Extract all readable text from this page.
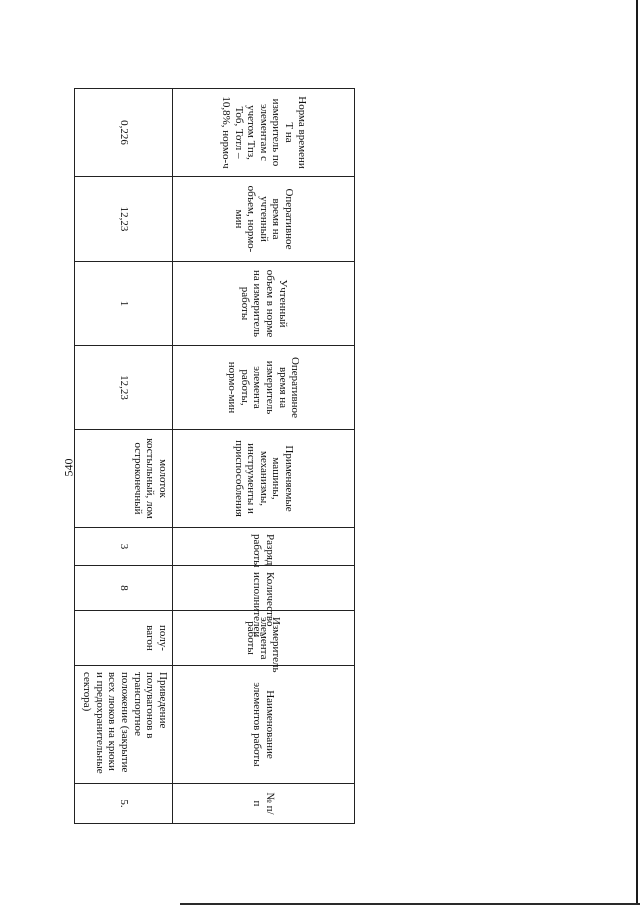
540
Норма времени Т на измеритель по элементам с учетом Тпз, Тоб, Тотл – 10,8%, нормо-ч	Оперативное время на учтенный объем, нормо-мин	Учтенный объем в норме на измеритель работы	Оперативное время на измеритель элемента работы, нормо-мин	Применяемые машины, механизмы, инструменты и приспособления	Разряд работы	Количество исполнителей	Измеритель элемента работы	Наименование элементов работы	№ п/п
0,226	12,23	1	12,23	молоток костыльный, лом остроконечный	3	8	полу-вагон	Приведение полувагонов в транспортное положение (закрытие всех люков на крюки и предохранительные сектора)	5.
